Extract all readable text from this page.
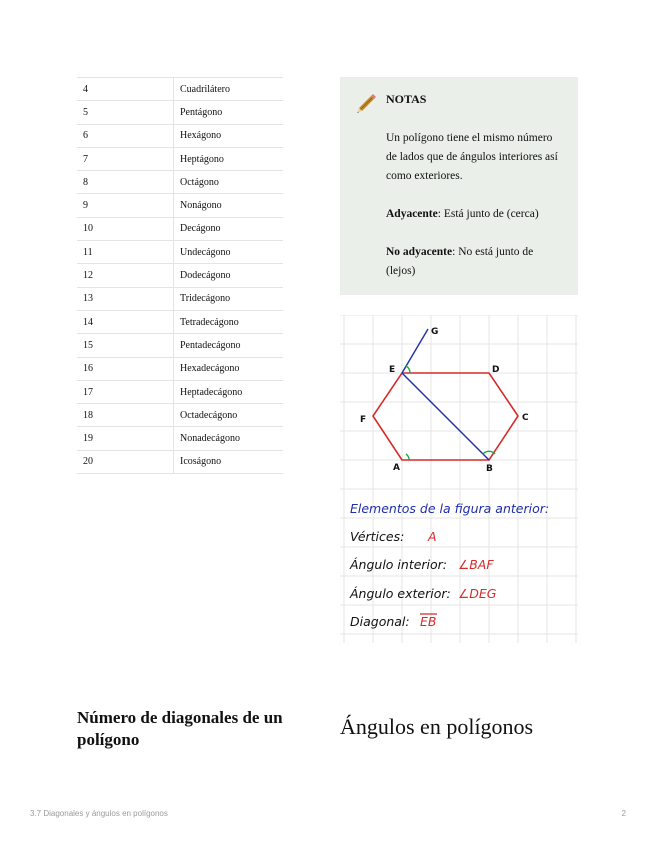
4	Cuadrilátero
5	Pentágono
6	Hexágono
7	Heptágono
8	Octágono
9	Nonágono
10	Decágono
11	Undecágono
12	Dodecágono
13	Tridecágono
14	Tetradecágono
15	Pentadecágono
16	Hexadecágono
17	Heptadecágono
18	Octadecágono
19	Nonadecágono
20	Icoságono
NOTAS

Un polígono tiene el mismo número de lados que de ángulos interiores así como exteriores.

Adyacente: Está junto de (cerca)

No adyacente: No está junto de (lejos)

E	D
C
F
A	B
G
Elementos de la figura anterior:
Vértices: A
Ángulo interior: ∠BAF
Ángulo exterior: ∠DEG
Diagonal: EB
Número de diagonales de un polígono
Ángulos en polígonos
3.7 Diagonales y ángulos en polígonos	2
